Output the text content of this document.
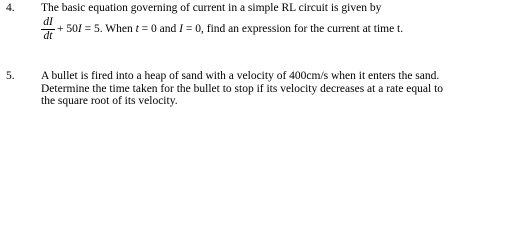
4. The basic equation governing of current in a simple RL circuit is given by
dI
dt
+ 50I = 5. When t = 0 and I = 0, find an expression for the current at time t.
5. A bullet is fired into a heap of sand with a velocity of 400cm/s when it enters the sand.
Determine the time taken for the bullet to stop if its velocity decreases at a rate equal to
the square root of its velocity.
